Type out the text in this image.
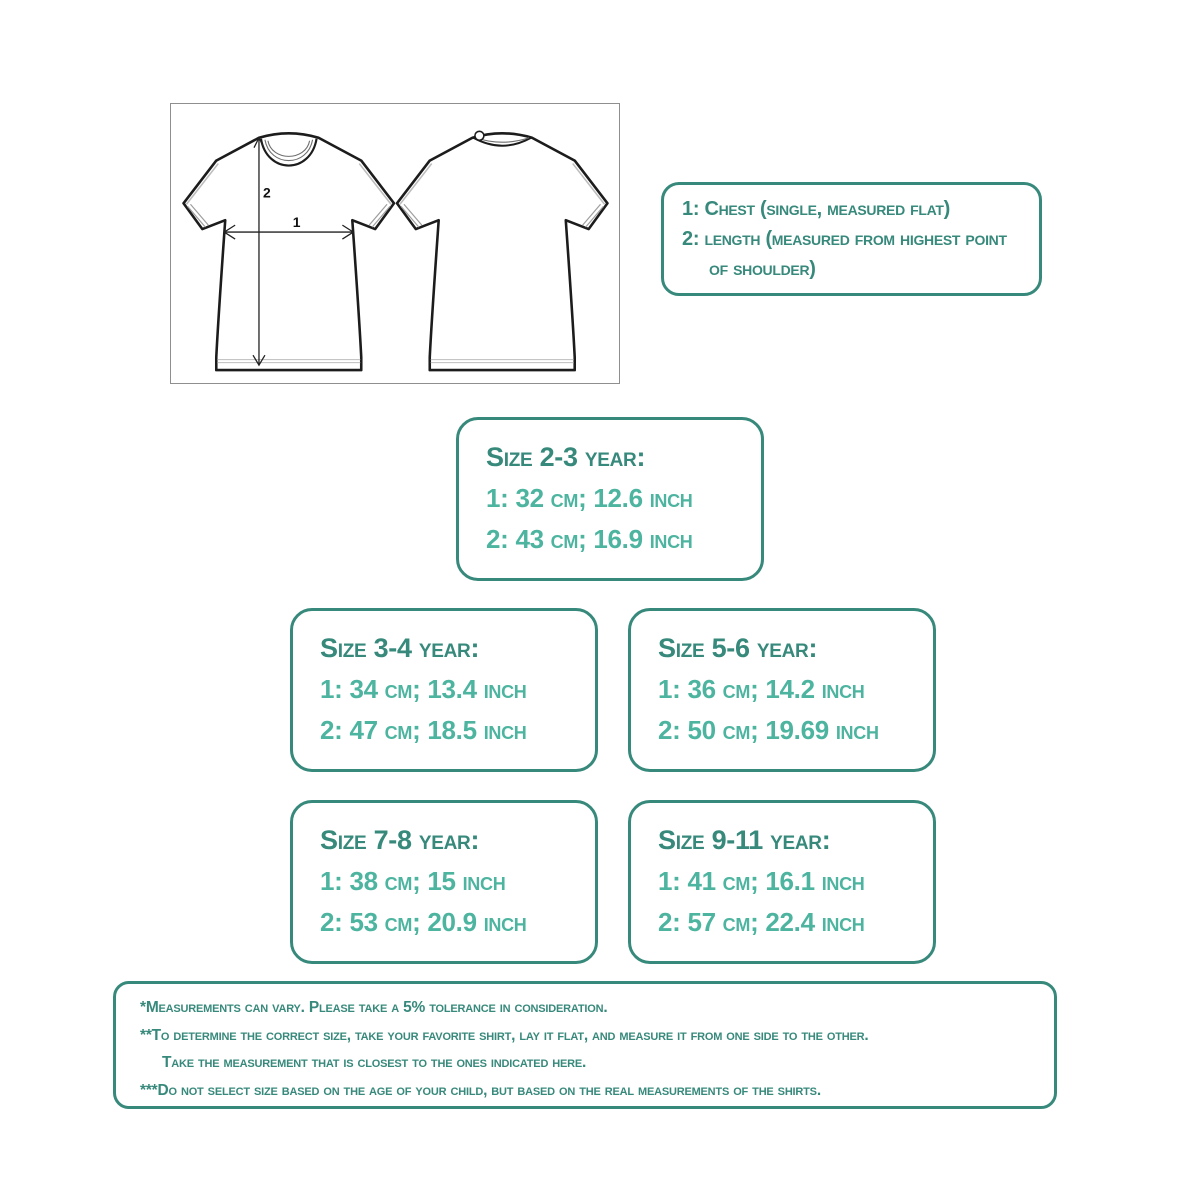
1
2
1: Chest (single, measured flat)
2: length (measured from highest point of shoulder)
Size 2-3 year:
1: 32 cm; 12.6 inch
2: 43 cm; 16.9 inch
Size 3-4 year:
1: 34 cm; 13.4 inch
2: 47 cm; 18.5 inch
Size 5-6 year:
1: 36 cm; 14.2 inch
2: 50 cm; 19.69 inch
Size 7-8 year:
1: 38 cm; 15 inch
2: 53 cm; 20.9 inch
Size 9-11 year:
1: 41 cm; 16.1 inch
2: 57 cm; 22.4 inch
*Measurements can vary. Please take a 5% tolerance in consideration.
**To determine the correct size, take your favorite shirt, lay it flat, and measure it from one side to the other.
Take the measurement that is closest to the ones indicated here.
***Do not select size based on the age of your child, but based on the real measurements of the shirts.
